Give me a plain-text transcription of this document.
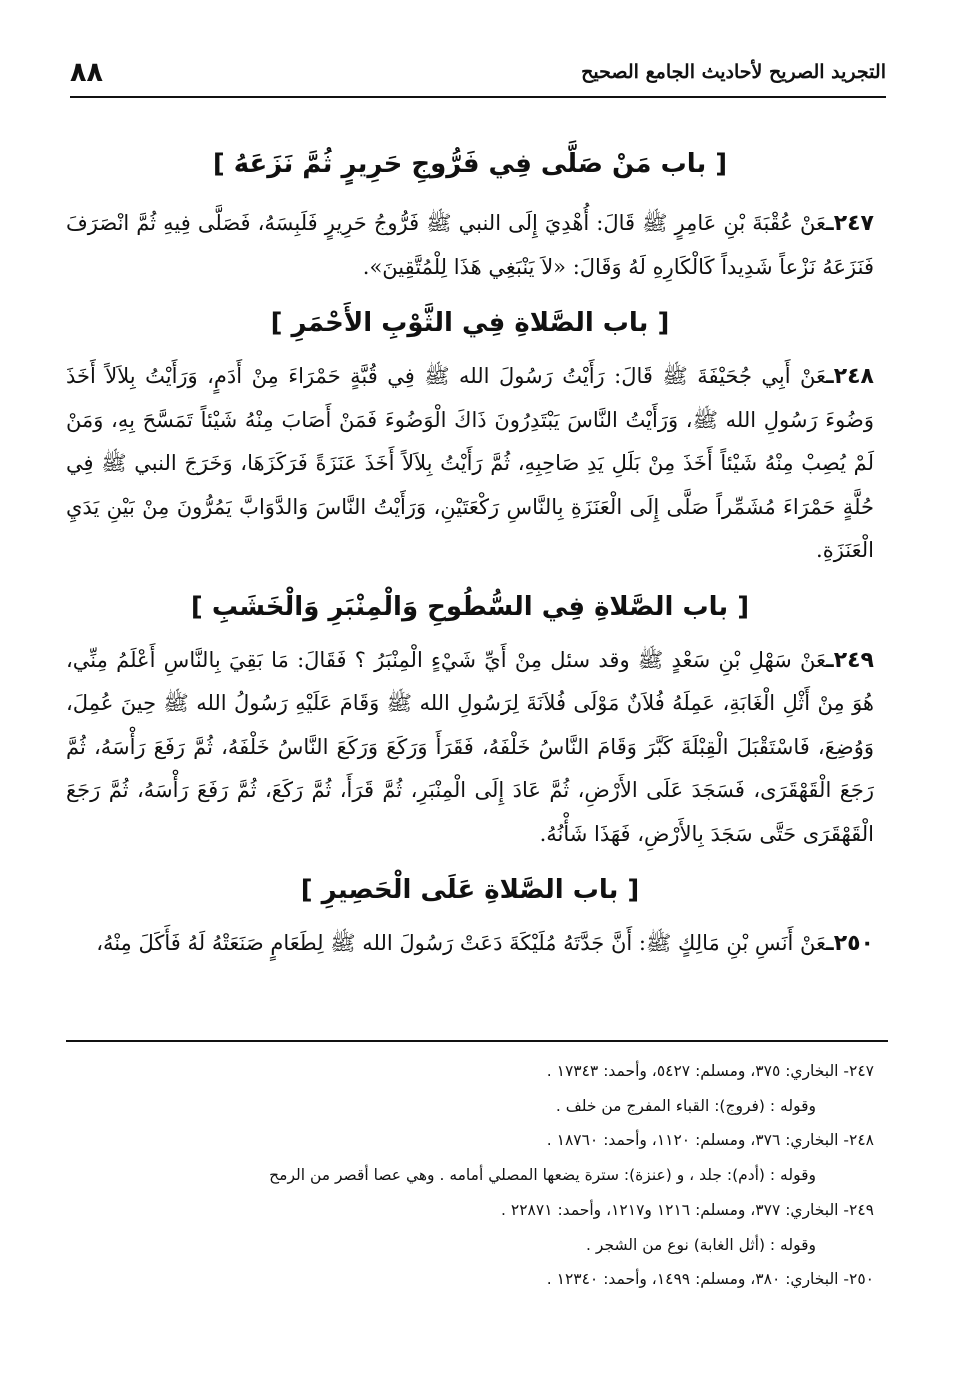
التجريد الصريح لأحاديث الجامع الصحيح
٨٨
[ باب مَنْ صَلَّى فِي فَرُّوجِ حَرِيرٍ ثُمَّ نَزَعَهُ ]

٢٤٧ـعَنْ عُقْبَةَ بْنِ عَامِرٍ ﷺ قَالَ: أُهْدِيَ إِلَى النبي ﷺ فَرُّوجُ حَرِيرٍ فَلَبِسَهُ، فَصَلَّى فِيهِ ثُمَّ انْصَرَفَ فَنَزَعَهُ نَزْعاً شَدِيداً كَالْكَارِهِ لَهُ وَقَالَ: «لاَ يَنْبَغِي هَذَا لِلْمُتَّقِينَ».

[ باب الصَّلاةِ فِي الثَّوْبِ الأَحْمَرِ ]

٢٤٨ـعَنْ أَبِي جُحَيْفَةَ ﷺ قَالَ: رَأَيْتُ رَسُولَ الله ﷺ فِي قُبَّةٍ حَمْرَاءَ مِنْ أَدَمٍ، وَرَأَيْتُ بِلاَلاً أَخَذَ وَضُوءَ رَسُولِ الله ﷺ، وَرَأَيْتُ النَّاسَ يَبْتَدِرُونَ ذَاكَ الْوَضُوءَ فَمَنْ أَصَابَ مِنْهُ شَيْئاً تَمَسَّحَ بِهِ، وَمَنْ لَمْ يُصِبْ مِنْهُ شَيْئاً أَخَذَ مِنْ بَلَلِ يَدِ صَاحِبِهِ، ثُمَّ رَأَيْتُ بِلاَلاً أَخَذَ عَنَزَةً فَرَكَزَهَا، وَخَرَجَ النبي ﷺ فِي حُلَّةٍ حَمْرَاءَ مُشَمِّراً صَلَّى إِلَى الْعَنَزَةِ بِالنَّاسِ رَكْعَتَيْنِ، وَرَأَيْتُ النَّاسَ وَالدَّوَابَّ يَمُرُّونَ مِنْ بَيْنِ يَدَيِ الْعَنَزَةِ.

[ باب الصَّلاةِ فِي السُّطُوحِ وَالْمِنْبَرِ وَالْخَشَبِ ]

٢٤٩ـعَنْ سَهْلِ بْنِ سَعْدٍ ﷺ وقد سئل مِنْ أَيِّ شَيْءٍ الْمِنْبَرُ ؟ فَقَالَ: مَا بَقِيَ بِالنَّاسِ أَعْلَمُ مِنِّي، هُوَ مِنْ أَثْلِ الْغَابَةِ، عَمِلَهُ فُلاَنٌ مَوْلَى فُلاَنَةَ لِرَسُولِ الله ﷺ وَقَامَ عَلَيْهِ رَسُولُ الله ﷺ حِينَ عُمِلَ، وَوُضِعَ، فَاسْتَقْبَلَ الْقِبْلَةَ كَبَّرَ وَقَامَ النَّاسُ خَلْفَهُ، فَقَرَأَ وَرَكَعَ وَرَكَعَ النَّاسُ خَلْفَهُ، ثُمَّ رَفَعَ رَأْسَهُ، ثُمَّ رَجَعَ الْقَهْقَرَى، فَسَجَدَ عَلَى الأَرْضِ، ثُمَّ عَادَ إِلَى الْمِنْبَرِ، ثُمَّ قَرَأَ، ثُمَّ رَكَعَ، ثُمَّ رَفَعَ رَأْسَهُ، ثُمَّ رَجَعَ الْقَهْقَرَى حَتَّى سَجَدَ بِالأَرْضِ، فَهَذَا شَأْنُهُ.

[ باب الصَّلاةِ عَلَى الْحَصِيرِ ]

٢٥٠ـعَنْ أَنَسِ بْنِ مَالِكٍ ﷺ: أَنَّ جَدَّتَهُ مُلَيْكَةَ دَعَتْ رَسُولَ الله ﷺ لِطَعَامٍ صَنَعَتْهُ لَهُ فَأَكَلَ مِنْهُ،

٢٤٧- البخاري: ٣٧٥، ومسلم: ٥٤٢٧، وأحمد: ١٧٣٤٣ .

وقوله : (فروج): القباء المفرج من خلف .

٢٤٨- البخاري: ٣٧٦، ومسلم: ١١٢٠، وأحمد: ١٨٧٦٠ .

وقوله : (أدم): جلد ، و (عنزة): سترة يضعها المصلي أمامه . وهي عصا أقصر من الرمح

٢٤٩- البخاري: ٣٧٧، ومسلم: ١٢١٦ و١٢١٧، وأحمد: ٢٢٨٧١ .

وقوله : (أثل الغابة) نوع من الشجر .

٢٥٠- البخاري: ٣٨٠، ومسلم: ١٤٩٩، وأحمد: ١٢٣٤٠ .
